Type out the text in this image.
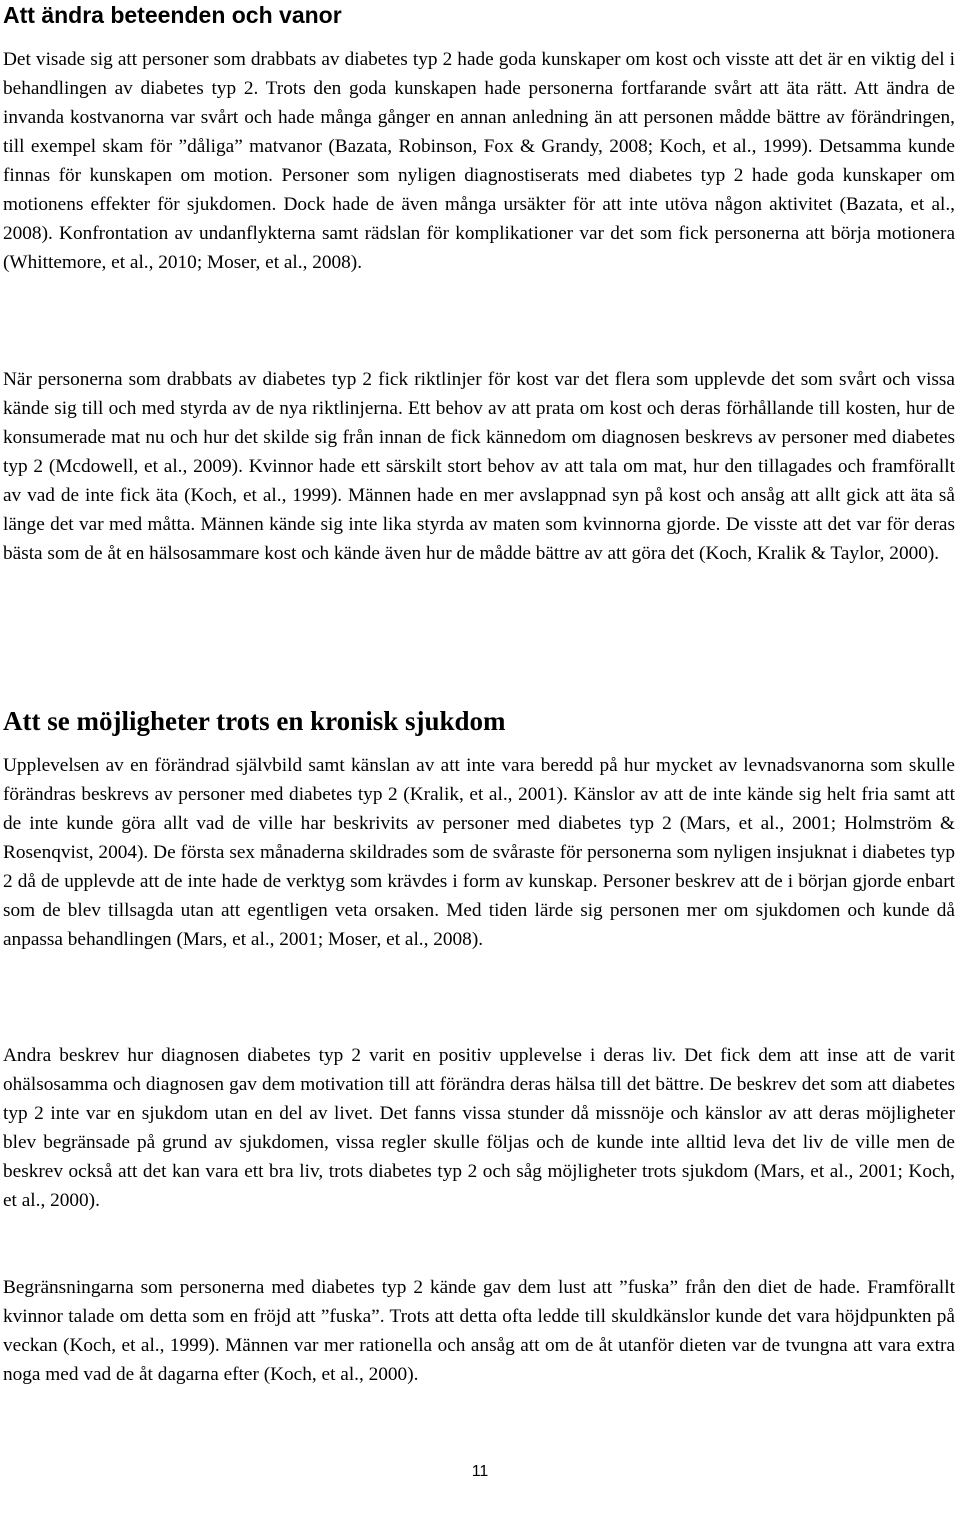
Att ändra beteenden och vanor

Det visade sig att personer som drabbats av diabetes typ 2 hade goda kunskaper om kost och visste att det är en viktig del i behandlingen av diabetes typ 2. Trots den goda kunskapen hade personerna fortfarande svårt att äta rätt. Att ändra de invanda kostvanorna var svårt och hade många gånger en annan anledning än att personen mådde bättre av förändringen, till exempel skam för ”dåliga” matvanor (Bazata, Robinson, Fox & Grandy, 2008; Koch, et al., 1999). Detsamma kunde finnas för kunskapen om motion. Personer som nyligen diagnostiserats med diabetes typ 2 hade goda kunskaper om motionens effekter för sjukdomen. Dock hade de även många ursäkter för att inte utöva någon aktivitet (Bazata, et al., 2008). Konfrontation av undanflykterna samt rädslan för komplikationer var det som fick personerna att börja motionera (Whittemore, et al., 2010; Moser, et al., 2008).

När personerna som drabbats av diabetes typ 2 fick riktlinjer för kost var det flera som upplevde det som svårt och vissa kände sig till och med styrda av de nya riktlinjerna. Ett behov av att prata om kost och deras förhållande till kosten, hur de konsumerade mat nu och hur det skilde sig från innan de fick kännedom om diagnosen beskrevs av personer med diabetes typ 2 (Mcdowell, et al., 2009). Kvinnor hade ett särskilt stort behov av att tala om mat, hur den tillagades och framförallt av vad de inte fick äta (Koch, et al., 1999). Männen hade en mer avslappnad syn på kost och ansåg att allt gick att äta så länge det var med måtta. Männen kände sig inte lika styrda av maten som kvinnorna gjorde. De visste att det var för deras bästa som de åt en hälsosammare kost och kände även hur de mådde bättre av att göra det (Koch, Kralik & Taylor, 2000).

Att se möjligheter trots en kronisk sjukdom

Upplevelsen av en förändrad självbild samt känslan av att inte vara beredd på hur mycket av levnadsvanorna som skulle förändras beskrevs av personer med diabetes typ 2 (Kralik, et al., 2001). Känslor av att de inte kände sig helt fria samt att de inte kunde göra allt vad de ville har beskrivits av personer med diabetes typ 2 (Mars, et al., 2001; Holmström & Rosenqvist, 2004). De första sex månaderna skildrades som de svåraste för personerna som nyligen insjuknat i diabetes typ 2 då de upplevde att de inte hade de verktyg som krävdes i form av kunskap. Personer beskrev att de i början gjorde enbart som de blev tillsagda utan att egentligen veta orsaken. Med tiden lärde sig personen mer om sjukdomen och kunde då anpassa behandlingen (Mars, et al., 2001; Moser, et al., 2008).

Andra beskrev hur diagnosen diabetes typ 2 varit en positiv upplevelse i deras liv. Det fick dem att inse att de varit ohälsosamma och diagnosen gav dem motivation till att förändra deras hälsa till det bättre. De beskrev det som att diabetes typ 2 inte var en sjukdom utan en del av livet. Det fanns vissa stunder då missnöje och känslor av att deras möjligheter blev begränsade på grund av sjukdomen, vissa regler skulle följas och de kunde inte alltid leva det liv de ville men de beskrev också att det kan vara ett bra liv, trots diabetes typ 2 och såg möjligheter trots sjukdom (Mars, et al., 2001; Koch, et al., 2000).

Begränsningarna som personerna med diabetes typ 2 kände gav dem lust att ”fuska” från den diet de hade. Framförallt kvinnor talade om detta som en fröjd att ”fuska”. Trots att detta ofta ledde till skuldkänslor kunde det vara höjdpunkten på veckan (Koch, et al., 1999). Männen var mer rationella och ansåg att om de åt utanför dieten var de tvungna att vara extra noga med vad de åt dagarna efter (Koch, et al., 2000).

11
